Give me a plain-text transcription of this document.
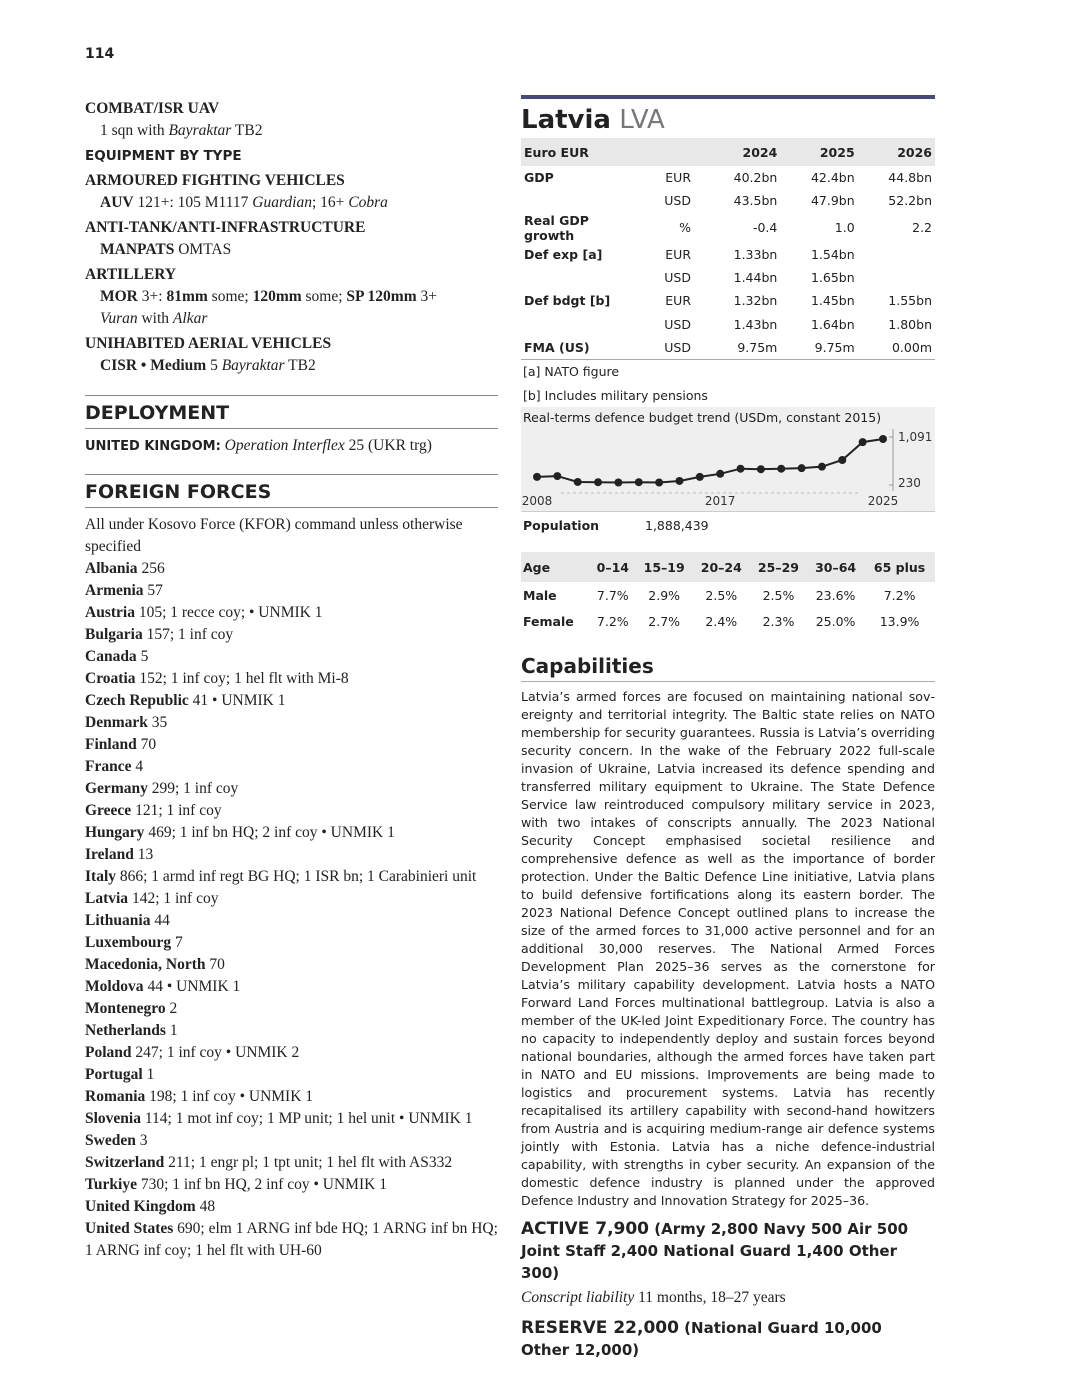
114
COMBAT/ISR UAV
1 sqn with Bayraktar TB2
EQUIPMENT BY TYPE
ARMOURED FIGHTING VEHICLES
AUV 121+: 105 M1117 Guardian; 16+ Cobra
ANTI-TANK/ANTI-INFRASTRUCTURE
MANPATS OMTAS
ARTILLERY
MOR 3+: 81mm some; 120mm some; SP 120mm 3+
Vuran with Alkar
UNIHABITED AERIAL VEHICLES
CISR • Medium 5 Bayraktar TB2
DEPLOYMENT
UNITED KINGDOM: Operation Interflex 25 (UKR trg)
FOREIGN FORCES
All under Kosovo Force (KFOR) command unless otherwise specified
Albania 256
Armenia 57
Austria 105; 1 recce coy; • UNMIK 1
Bulgaria 157; 1 inf coy
Canada 5
Croatia 152; 1 inf coy; 1 hel flt with Mi-8
Czech Republic 41 • UNMIK 1
Denmark 35
Finland 70
France 4
Germany 299; 1 inf coy
Greece 121; 1 inf coy
Hungary 469; 1 inf bn HQ; 2 inf coy • UNMIK 1
Ireland 13
Italy 866; 1 armd inf regt BG HQ; 1 ISR bn; 1 Carabinieri unit
Latvia 142; 1 inf coy
Lithuania 44
Luxembourg 7
Macedonia, North 70
Moldova 44 • UNMIK 1
Montenegro 2
Netherlands 1
Poland 247; 1 inf coy • UNMIK 2
Portugal 1
Romania 198; 1 inf coy • UNMIK 1
Slovenia 114; 1 mot inf coy; 1 MP unit; 1 hel unit • UNMIK 1
Sweden 3
Switzerland 211; 1 engr pl; 1 tpt unit; 1 hel flt with AS332
Turkiye 730; 1 inf bn HQ, 2 inf coy • UNMIK 1
United Kingdom 48
United States 690; elm 1 ARNG inf bde HQ; 1 ARNG inf bn HQ; 1 ARNG inf coy; 1 hel flt with UH-60
Latvia LVA
Euro EUR		2024	2025	2026
GDP	EUR	40.2bn	42.4bn	44.8bn
	USD	43.5bn	47.9bn	52.2bn
Real GDP growth	%	-0.4	1.0	2.2
Def exp [a]	EUR	1.33bn	1.54bn	
	USD	1.44bn	1.65bn	
Def bdgt [b]	EUR	1.32bn	1.45bn	1.55bn
	USD	1.43bn	1.64bn	1.80bn
FMA (US)	USD	9.75m	9.75m	0.00m
[a] NATO figure
[b] Includes military pensions
Real-terms defence budget trend (USDm, constant 2015)
1,091
230
2008	2017	2025
Population	1,888,439
Age	0–14	15–19	20–24	25–29	30–64	65 plus
Male	7.7%	2.9%	2.5%	2.5%	23.6%	7.2%
Female	7.2%	2.7%	2.4%	2.3%	25.0%	13.9%
Capabilities
Latvia’s armed forces are focused on maintaining national sovereignty and territorial integrity. The Baltic state relies on NATO membership for security guarantees. Russia is Latvia’s overriding security concern. In the wake of the February 2022 full-scale invasion of Ukraine, Latvia increased its defence spending and transferred military equipment to Ukraine. The State Defence Service law reintroduced compulsory military service in 2023, with two intakes of conscripts annually. The 2023 National Security Concept emphasised societal resilience and comprehensive defence as well as the importance of border protection. Under the Baltic Defence Line initiative, Latvia plans to build defensive fortifications along its eastern border. The 2023 National Defence Concept outlined plans to increase the size of the armed forces to 31,000 active personnel and for an additional 30,000 reserves. The National Armed Forces Development Plan 2025–36 serves as the cornerstone for Latvia’s military capability development. Latvia hosts a NATO Forward Land Forces multinational battlegroup. Latvia is also a member of the UK-led Joint Expeditionary Force. The country has no capacity to independently deploy and sustain forces beyond national boundaries, although the armed forces have taken part in NATO and EU missions. Improvements are being made to logistics and procurement systems. Latvia has recently recapitalised its artillery capability with second-hand howitzers from Austria and is acquiring medium-range air defence systems jointly with Estonia. Latvia has a niche defence-industrial capability, with strengths in cyber security. An expansion of the domestic defence industry is planned under the approved Defence Industry and Innovation Strategy for 2025–36.
ACTIVE 7,900 (Army 2,800 Navy 500 Air 500 Joint Staff 2,400 National Guard 1,400 Other 300)
Conscript liability 11 months, 18–27 years
RESERVE 22,000 (National Guard 10,000 Other 12,000)
